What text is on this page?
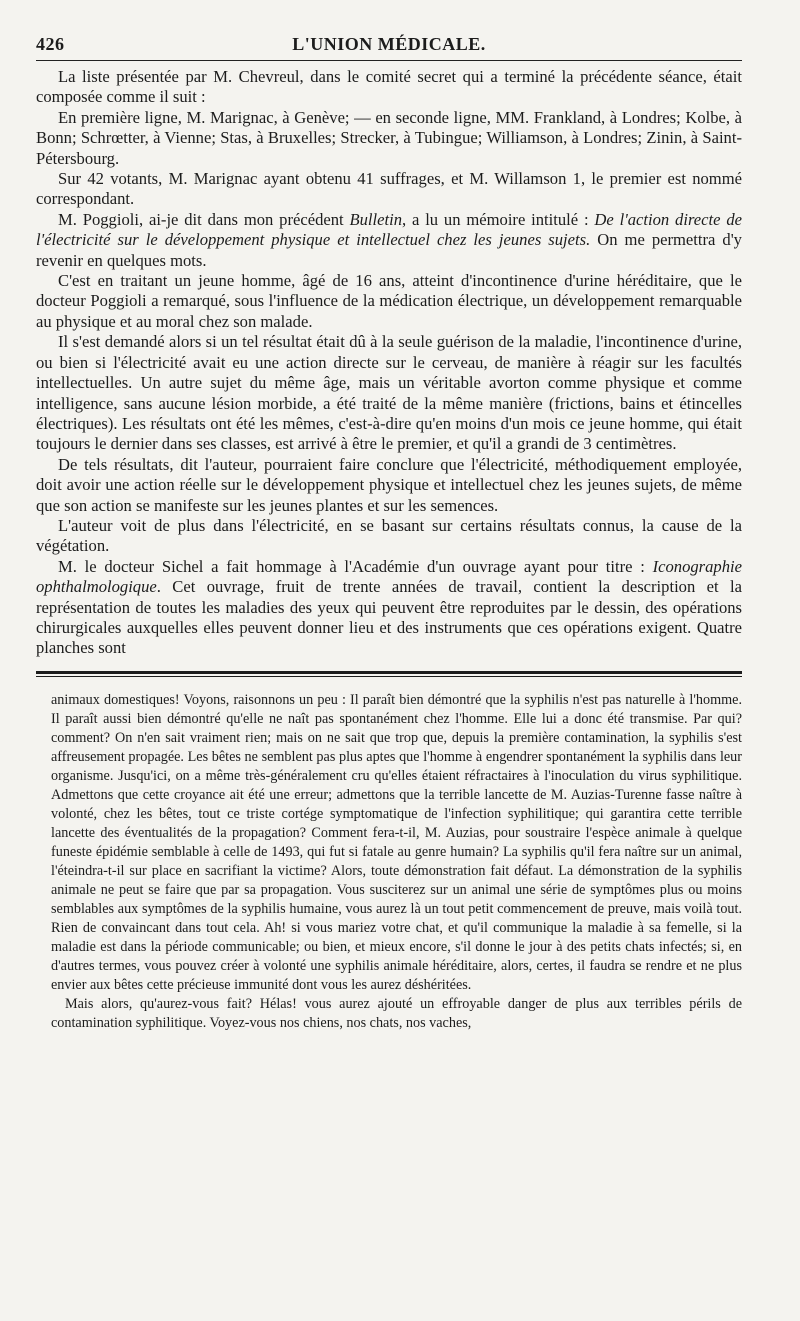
426	L'UNION MÉDICALE.

La liste présentée par M. Chevreul, dans le comité secret qui a terminé la précédente séance, était composée comme il suit :

En première ligne, M. Marignac, à Genève; — en seconde ligne, MM. Frankland, à Londres; Kolbe, à Bonn; Schrœtter, à Vienne; Stas, à Bruxelles; Strecker, à Tubingue; Williamson, à Londres; Zinin, à Saint-Pétersbourg.

Sur 42 votants, M. Marignac ayant obtenu 41 suffrages, et M. Willamson 1, le premier est nommé correspondant.

M. Poggioli, ai-je dit dans mon précédent Bulletin, a lu un mémoire intitulé : De l'action directe de l'électricité sur le développement physique et intellectuel chez les jeunes sujets. On me permettra d'y revenir en quelques mots.

C'est en traitant un jeune homme, âgé de 16 ans, atteint d'incontinence d'urine héréditaire, que le docteur Poggioli a remarqué, sous l'influence de la médication électrique, un développement remarquable au physique et au moral chez son malade.

Il s'est demandé alors si un tel résultat était dû à la seule guérison de la maladie, l'incontinence d'urine, ou bien si l'électricité avait eu une action directe sur le cerveau, de manière à réagir sur les facultés intellectuelles. Un autre sujet du même âge, mais un véritable avorton comme physique et comme intelligence, sans aucune lésion morbide, a été traité de la même manière (frictions, bains et étincelles électriques). Les résultats ont été les mêmes, c'est-à-dire qu'en moins d'un mois ce jeune homme, qui était toujours le dernier dans ses classes, est arrivé à être le premier, et qu'il a grandi de 3 centimètres.

De tels résultats, dit l'auteur, pourraient faire conclure que l'électricité, méthodiquement employée, doit avoir une action réelle sur le développement physique et intellectuel chez les jeunes sujets, de même que son action se manifeste sur les jeunes plantes et sur les semences.

L'auteur voit de plus dans l'électricité, en se basant sur certains résultats connus, la cause de la végétation.

M. le docteur Sichel a fait hommage à l'Académie d'un ouvrage ayant pour titre : Iconographie ophthalmologique. Cet ouvrage, fruit de trente années de travail, contient la description et la représentation de toutes les maladies des yeux qui peuvent être reproduites par le dessin, des opérations chirurgicales auxquelles elles peuvent donner lieu et des instruments que ces opérations exigent. Quatre planches sont

animaux domestiques! Voyons, raisonnons un peu : Il paraît bien démontré que la syphilis n'est pas naturelle à l'homme. Il paraît aussi bien démontré qu'elle ne naît pas spontanément chez l'homme. Elle lui a donc été transmise. Par qui? comment? On n'en sait vraiment rien; mais on ne sait que trop que, depuis la première contamination, la syphilis s'est affreusement propagée. Les bêtes ne semblent pas plus aptes que l'homme à engendrer spontanément la syphilis dans leur organisme. Jusqu'ici, on a même très-généralement cru qu'elles étaient réfractaires à l'inoculation du virus syphilitique. Admettons que cette croyance ait été une erreur; admettons que la terrible lancette de M. Auzias-Turenne fasse naître à volonté, chez les bêtes, tout ce triste cortége symptomatique de l'infection syphilitique; qui garantira cette terrible lancette des éventualités de la propagation? Comment fera-t-il, M. Auzias, pour soustraire l'espèce animale à quelque funeste épidémie semblable à celle de 1493, qui fut si fatale au genre humain? La syphilis qu'il fera naître sur un animal, l'éteindra-t-il sur place en sacrifiant la victime? Alors, toute démonstration fait défaut. La démonstration de la syphilis animale ne peut se faire que par sa propagation. Vous susciterez sur un animal une série de symptômes plus ou moins semblables aux symptômes de la syphilis humaine, vous aurez là un tout petit commencement de preuve, mais voilà tout. Rien de convaincant dans tout cela. Ah! si vous mariez votre chat, et qu'il communique la maladie à sa femelle, si la maladie est dans la période communicable; ou bien, et mieux encore, s'il donne le jour à des petits chats infectés; si, en d'autres termes, vous pouvez créer à volonté une syphilis animale héréditaire, alors, certes, il faudra se rendre et ne plus envier aux bêtes cette précieuse immunité dont vous les aurez déshéritées.

Mais alors, qu'aurez-vous fait? Hélas! vous aurez ajouté un effroyable danger de plus aux terribles périls de contamination syphilitique. Voyez-vous nos chiens, nos chats, nos vaches,
